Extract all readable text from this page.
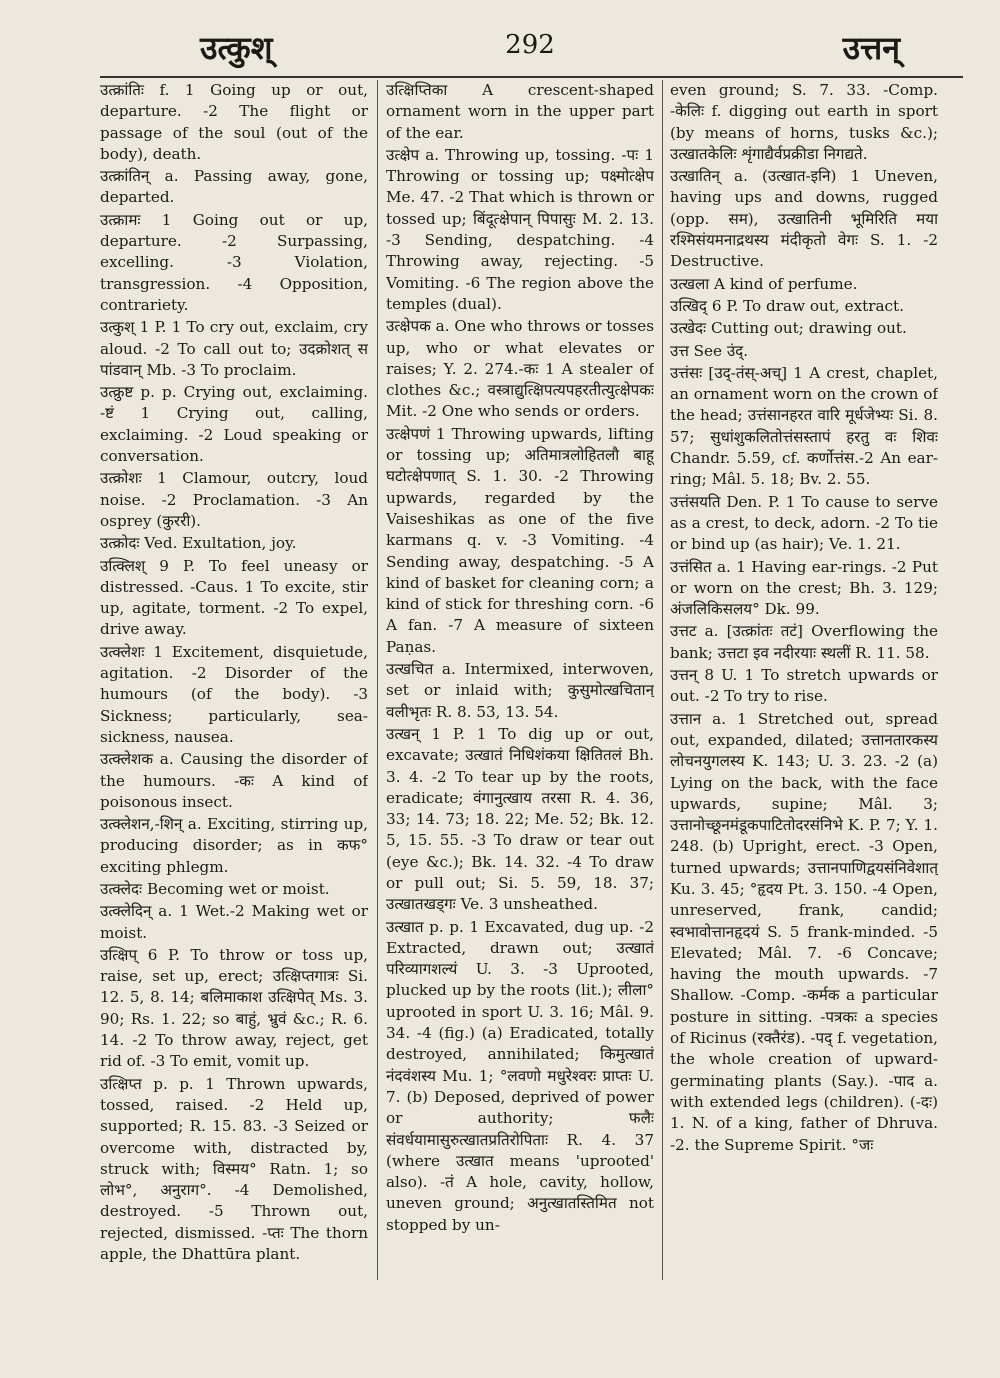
उत्कुश्	292	उत्तन्

उत्क्रांतिः f. 1 Going up or out, departure. -2 The flight or passage of the soul (out of the body), death.

उत्क्रांतिन् a. Passing away, gone, departed.

उत्क्रामः 1 Going out or up, departure. -2 Surpassing, excelling. -3 Violation, transgression. -4 Opposition, contrariety.

उत्कुश् 1 P. 1 To cry out, exclaim, cry aloud. -2 To call out to; उदक्रोशत् स पांडवान् Mb. -3 To proclaim.

उत्क्रुष्ट p. p. Crying out, exclaiming. -ष्टं 1 Crying out, calling, exclaiming. -2 Loud speaking or conversation.

उत्क्रोशः 1 Clamour, outcry, loud noise. -2 Proclamation. -3 An osprey (कुररी).

उत्क्रोदः Ved. Exultation, joy.

उत्क्लिश् 9 P. To feel uneasy or distressed. -Caus. 1 To excite, stir up, agitate, torment. -2 To expel, drive away.

उत्क्लेशः 1 Excitement, disquietude, agitation. -2 Disorder of the humours (of the body). -3 Sickness; particularly, sea-sickness, nausea.

उत्क्लेशक a. Causing the disorder of the humours. -कः A kind of poisonous insect.

उत्क्लेशन,-शिन् a. Exciting, stirring up, producing disorder; as in कफ° exciting phlegm.

उत्क्लेदः Becoming wet or moist.

उत्क्लेदिन् a. 1 Wet.-2 Making wet or moist.

उत्क्षिप् 6 P. To throw or toss up, raise, set up, erect; उत्क्षिप्तगात्रः Si. 12. 5, 8. 14; बलिमाकाश उत्क्षिपेत् Ms. 3. 90; Rs. 1. 22; so बाहुं, भ्रुवं &c.; R. 6. 14. -2 To throw away, reject, get rid of. -3 To emit, vomit up.

उत्क्षिप्त p. p. 1 Thrown upwards, tossed, raised. -2 Held up, supported; R. 15. 83. -3 Seized or overcome with, distracted by, struck with; विस्मय° Ratn. 1; so लोभ°, अनुराग°. -4 Demolished, destroyed. -5 Thrown out, rejected, dismissed. -प्तः The thorn apple, the Dhattūra plant.

उत्क्षिप्तिका A crescent-shaped ornament worn in the upper part of the ear.

उत्क्षेप a. Throwing up, tossing. -पः 1 Throwing or tossing up; पक्ष्मोत्क्षेप Me. 47. -2 That which is thrown or tossed up; बिंदूत्क्षेपान् पिपासुः M. 2. 13. -3 Sending, despatching. -4 Throwing away, rejecting. -5 Vomiting. -6 The region above the temples (dual).

उत्क्षेपक a. One who throws or tosses up, who or what elevates or raises; Y. 2. 274.-कः 1 A stealer of clothes &c.; वस्त्राद्युत्क्षिपत्यपहरतीत्युत्क्षेपकः Mit. -2 One who sends or orders.

उत्क्षेपणं 1 Throwing upwards, lifting or tossing up; अतिमात्रलोहितलौ बाहू घटोत्क्षेपणात् S. 1. 30. -2 Throwing upwards, regarded by the Vaiseshikas as one of the five karmans q. v. -3 Vomiting. -4 Sending away, despatching. -5 A kind of basket for cleaning corn; a kind of stick for threshing corn. -6 A fan. -7 A measure of sixteen Paṇas.

उत्खचित a. Intermixed, interwoven, set or inlaid with; कुसुमोत्खचितान् वलीभृतः R. 8. 53, 13. 54.

उत्खन् 1 P. 1 To dig up or out, excavate; उत्खातं निधिशंकया क्षितितलं Bh. 3. 4. -2 To tear up by the roots, eradicate; वंगानुत्खाय तरसा R. 4. 36, 33; 14. 73; 18. 22; Me. 52; Bk. 12. 5, 15. 55. -3 To draw or tear out (eye &c.); Bk. 14. 32. -4 To draw or pull out; Si. 5. 59, 18. 37; उत्खातखड्गः Ve. 3 unsheathed.

उत्खात p. p. 1 Excavated, dug up. -2 Extracted, drawn out; उत्खातं परिव्यागशल्यं U. 3. -3 Uprooted, plucked up by the roots (lit.); लीला° uprooted in sport U. 3. 16; Mâl. 9. 34. -4 (fig.) (a) Eradicated, totally destroyed, annihilated; किमुत्खातं नंदवंशस्य Mu. 1; °लवणो मधुरेश्वरः प्राप्तः U. 7. (b) Deposed, deprived of power or authority; फलैः संवर्धयामासुरुत्खातप्रतिरोपिताः R. 4. 37 (where उत्खात means 'uprooted' also). -तं A hole, cavity, hollow, uneven ground; अनुत्खातस्तिमित not stopped by un-

even ground; S. 7. 33. -Comp. -केलिः f. digging out earth in sport (by means of horns, tusks &c.); उत्खातकेलिः शृंगाद्यैर्वप्रक्रीडा निगद्यते.

उत्खातिन् a. (उत्खात-इनि) 1 Uneven, having ups and downs, rugged (opp. सम), उत्खातिनी भूमिरिति मया रश्मिसंयमनाद्रथस्य मंदीकृतो वेगः S. 1. -2 Destructive.

उत्खला A kind of perfume.

उत्खिद् 6 P. To draw out, extract.

उत्खेदः Cutting out; drawing out.

उत्त See उंद्.

उत्तंसः [उद्-तंस्-अच्] 1 A crest, chaplet, an ornament worn on the crown of the head; उत्तंसानहरत वारि मूर्धजेभ्यः Si. 8. 57; सुधांशुकलितोत्तंसस्तापं हरतु वः शिवः Chandr. 5.59, cf. कर्णोत्तंस.-2 An ear-ring; Mâl. 5. 18; Bv. 2. 55.

उत्तंसयति Den. P. 1 To cause to serve as a crest, to deck, adorn. -2 To tie or bind up (as hair); Ve. 1. 21.

उत्तंसित a. 1 Having ear-rings. -2 Put or worn on the crest; Bh. 3. 129; अंजलिकिसलय° Dk. 99.

उत्तट a. [उत्क्रांतः तटं] Overflowing the bank; उत्तटा इव नदीरयाः स्थलीं R. 11. 58.

उत्तन् 8 U. 1 To stretch upwards or out. -2 To try to rise.

उत्तान a. 1 Stretched out, spread out, expanded, dilated; उत्तानतारकस्य लोचनयुगलस्य K. 143; U. 3. 23. -2 (a) Lying on the back, with the face upwards, supine; Mâl. 3; उत्तानोच्छूनमंडूकपाटितोदरसंनिभे K. P. 7; Y. 1. 248. (b) Upright, erect. -3 Open, turned upwards; उत्तानपाणिद्वयसंनिवेशात् Ku. 3. 45; °हृदय Pt. 3. 150. -4 Open, unreserved, frank, candid; स्वभावोत्तानहृदयं S. 5 frank-minded. -5 Elevated; Mâl. 7. -6 Concave; having the mouth upwards. -7 Shallow. -Comp. -कर्मक a particular posture in sitting. -पत्रकः a species of Ricinus (रक्तैरंड). -पद् f. vegetation, the whole creation of upward-germinating plants (Say.). -पाद a. with extended legs (children). (-दः) 1. N. of a king, father of Dhruva. -2. the Supreme Spirit. °जः
